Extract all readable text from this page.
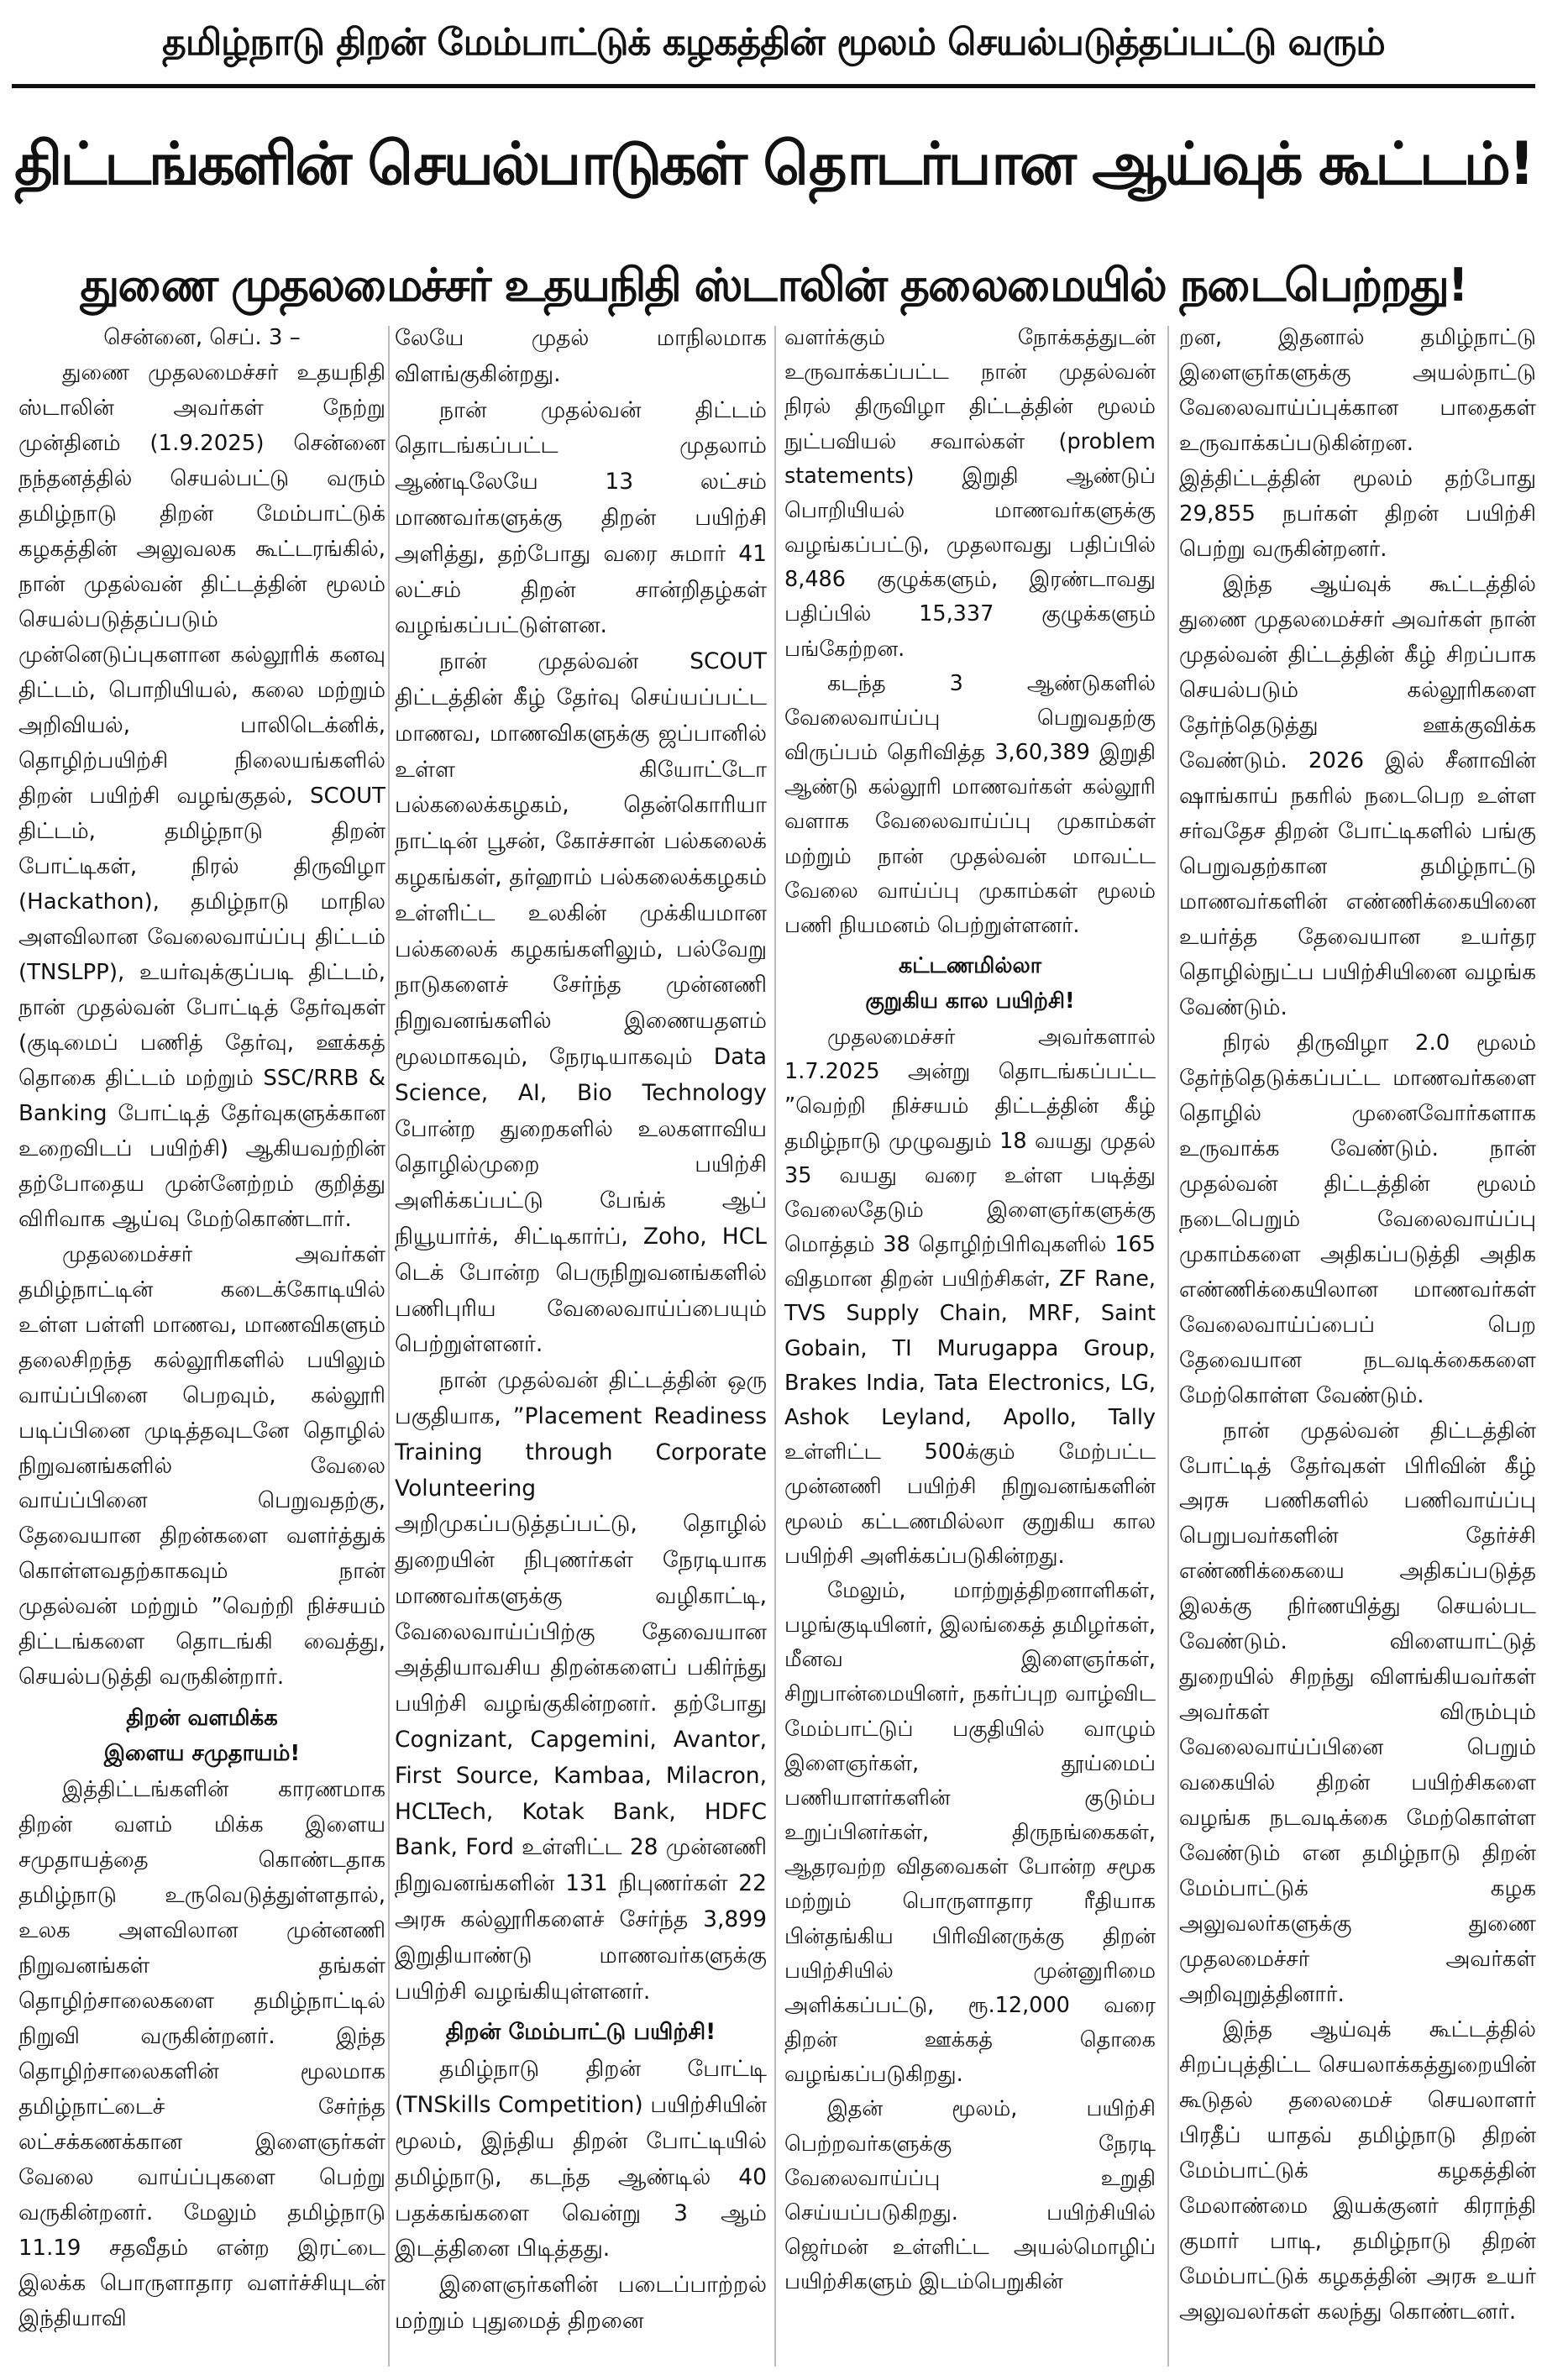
தமிழ்நாடு திறன் மேம்பாட்டுக் கழகத்தின் மூலம் செயல்படுத்தப்பட்டு வரும்
திட்டங்களின் செயல்பாடுகள் தொடர்பான ஆய்வுக் கூட்டம்!
துணை முதலமைச்சர் உதயநிதி ஸ்டாலின் தலைமையில் நடைபெற்றது!

சென்னை, செப். 3 –

துணை முதலமைச்சர் உதயநிதி ஸ்டாலின் அவர்கள் நேற்று முன்தினம் (1.9.2025) சென்னை நந்தனத்தில் செயல்பட்டு வரும் தமிழ்நாடு திறன் மேம்பாட்டுக் கழகத்தின் அலுவலக கூட்டரங்கில், நான் முதல்வன் திட்டத்தின் மூலம் செயல்படுத்தப்படும் முன்னெடுப்புகளான கல்லூரிக் கனவு திட்டம், பொறியியல், கலை மற்றும் அறிவியல், பாலிடெக்னிக், தொழிற்பயிற்சி நிலையங்களில் திறன் பயிற்சி வழங்குதல், SCOUT திட்டம், தமிழ்நாடு திறன் போட்டிகள், நிரல் திருவிழா (Hackathon), தமிழ்நாடு மாநில அளவிலான வேலைவாய்ப்பு திட்டம் (TNSLPP), உயர்வுக்குப்படி திட்டம், நான் முதல்வன் போட்டித் தேர்வுகள் (குடிமைப் பணித் தேர்வு, ஊக்கத் தொகை திட்டம் மற்றும் SSC/RRB & Banking போட்டித் தேர்வுகளுக்கான உறைவிடப் பயிற்சி) ஆகியவற்றின் தற்போதைய முன்னேற்றம் குறித்து விரிவாக ஆய்வு மேற்கொண்டார்.

முதலமைச்சர் அவர்கள் தமிழ்நாட்டின் கடைக்கோடியில் உள்ள பள்ளி மாணவ, மாணவிகளும் தலைசிறந்த கல்லூரிகளில் பயிலும் வாய்ப்பினை பெறவும், கல்லூரி படிப்பினை முடித்தவுடனே தொழில் நிறுவனங்களில் வேலை வாய்ப்பினை பெறுவதற்கு, தேவையான திறன்களை வளர்த்துக் கொள்ளவதற்காகவும் நான் முதல்வன் மற்றும் ”வெற்றி நிச்சயம் திட்டங்களை தொடங்கி வைத்து, செயல்படுத்தி வருகின்றார்.

திறன் வளமிக்க
இளைய சமுதாயம்!

இத்திட்டங்களின் காரணமாக திறன் வளம் மிக்க இளைய சமுதாயத்தை கொண்டதாக தமிழ்நாடு உருவெடுத்துள்ளதால், உலக அளவிலான முன்னணி நிறுவனங்கள் தங்கள் தொழிற்சாலைகளை தமிழ்நாட்டில் நிறுவி வருகின்றனர். இந்த தொழிற்சாலைகளின் மூலமாக தமிழ்நாட்டைச் சேர்ந்த லட்சக்கணக்கான இளைஞர்கள் வேலை வாய்ப்புகளை பெற்று வருகின்றனர். மேலும் தமிழ்நாடு 11.19 சதவீதம் என்ற இரட்டை இலக்க பொருளாதார வளர்ச்சியுடன் இந்தியாவி

லேயே முதல் மாநிலமாக விளங்குகின்றது.

நான் முதல்வன் திட்டம் தொடங்கப்பட்ட முதலாம் ஆண்டிலேயே 13 லட்சம் மாணவர்களுக்கு திறன் பயிற்சி அளித்து, தற்போது வரை சுமார் 41 லட்சம் திறன் சான்றிதழ்கள் வழங்கப்பட்டுள்ளன.

நான் முதல்வன் SCOUT திட்டத்தின் கீழ் தேர்வு செய்யப்பட்ட மாணவ, மாணவிகளுக்கு ஜப்பானில் உள்ள கியோட்டோ பல்கலைக்கழகம், தென்கொரியா நாட்டின் பூசன், கோச்சான் பல்கலைக் கழகங்கள், தர்ஹாம் பல்கலைக்கழகம் உள்ளிட்ட உலகின் முக்கியமான பல்கலைக் கழகங்களிலும், பல்வேறு நாடுகளைச் சேர்ந்த முன்னணி நிறுவனங்களில் இணையதளம் மூலமாகவும், நேரடியாகவும் Data Science, AI, Bio Technology போன்ற துறைகளில் உலகளாவிய தொழில்முறை பயிற்சி அளிக்கப்பட்டு பேங்க் ஆப் நியூயார்க், சிட்டிகார்ப், Zoho, HCL டெக் போன்ற பெருநிறுவனங்களில் பணிபுரிய வேலைவாய்ப்பையும் பெற்றுள்ளனர்.

நான் முதல்வன் திட்டத்தின் ஒரு பகுதியாக, ”Placement Readiness Training through Corporate Volunteering அறிமுகப்படுத்தப்பட்டு, தொழில் துறையின் நிபுணர்கள் நேரடியாக மாணவர்களுக்கு வழிகாட்டி, வேலைவாய்ப்பிற்கு தேவையான அத்தியாவசிய திறன்களைப் பகிர்ந்து பயிற்சி வழங்குகின்றனர். தற்போது Cognizant, Capgemini, Avantor, First Source, Kambaa, Milacron, HCLTech, Kotak Bank, HDFC Bank, Ford உள்ளிட்ட 28 முன்னணி நிறுவனங்களின் 131 நிபுணர்கள் 22 அரசு கல்லூரிகளைச் சேர்ந்த 3,899 இறுதியாண்டு மாணவர்களுக்கு பயிற்சி வழங்கியுள்ளனர்.

திறன் மேம்பாட்டு பயிற்சி!

தமிழ்நாடு திறன் போட்டி (TNSkills Competition) பயிற்சியின் மூலம், இந்திய திறன் போட்டியில் தமிழ்நாடு, கடந்த ஆண்டில் 40 பதக்கங்களை வென்று 3 ஆம் இடத்தினை பிடித்தது.

இளைஞர்களின் படைப்பாற்றல் மற்றும் புதுமைத் திறனை

வளர்க்கும் நோக்கத்துடன் உருவாக்கப்பட்ட நான் முதல்வன் நிரல் திருவிழா திட்டத்தின் மூலம் நுட்பவியல் சவால்கள் (problem statements) இறுதி ஆண்டுப் பொறியியல் மாணவர்களுக்கு வழங்கப்பட்டு, முதலாவது பதிப்பில் 8,486 குழுக்களும், இரண்டாவது பதிப்பில் 15,337 குழுக்களும் பங்கேற்றன.

கடந்த 3 ஆண்டுகளில் வேலைவாய்ப்பு பெறுவதற்கு விருப்பம் தெரிவித்த 3,60,389 இறுதி ஆண்டு கல்லூரி மாணவர்கள் கல்லூரி வளாக வேலைவாய்ப்பு முகாம்கள் மற்றும் நான் முதல்வன் மாவட்ட வேலை வாய்ப்பு முகாம்கள் மூலம் பணி நியமனம் பெற்றுள்ளனர்.

கட்டணமில்லா
குறுகிய கால பயிற்சி!

முதலமைச்சர் அவர்களால் 1.7.2025 அன்று தொடங்கப்பட்ட ”வெற்றி நிச்சயம் திட்டத்தின் கீழ் தமிழ்நாடு முழுவதும் 18 வயது முதல் 35 வயது வரை உள்ள படித்து வேலைதேடும் இளைஞர்களுக்கு மொத்தம் 38 தொழிற்பிரிவுகளில் 165 விதமான திறன் பயிற்சிகள், ZF Rane, TVS Supply Chain, MRF, Saint Gobain, TI Murugappa Group, Brakes India, Tata Electronics, LG, Ashok Leyland, Apollo, Tally உள்ளிட்ட 500க்கும் மேற்பட்ட முன்னணி பயிற்சி நிறுவனங்களின் மூலம் கட்டணமில்லா குறுகிய கால பயிற்சி அளிக்கப்படுகின்றது.

மேலும், மாற்றுத்திறனாளிகள், பழங்குடியினர், இலங்கைத் தமிழர்கள், மீனவ இளைஞர்கள், சிறுபான்மையினர், நகர்ப்புற வாழ்விட மேம்பாட்டுப் பகுதியில் வாழும் இளைஞர்கள், தூய்மைப் பணியாளர்களின் குடும்ப உறுப்பினர்கள், திருநங்கைகள், ஆதரவற்ற விதவைகள் போன்ற சமூக மற்றும் பொருளாதார ரீதியாக பின்தங்கிய பிரிவினருக்கு திறன் பயிற்சியில் முன்னுரிமை அளிக்கப்பட்டு, ரூ.12,000 வரை திறன் ஊக்கத் தொகை வழங்கப்படுகிறது.

இதன் மூலம், பயிற்சி பெற்றவர்களுக்கு நேரடி வேலைவாய்ப்பு உறுதி செய்யப்படுகிறது. பயிற்சியில் ஜெர்மன் உள்ளிட்ட அயல்மொழிப் பயிற்சிகளும் இடம்பெறுகின்

றன, இதனால் தமிழ்நாட்டு இளைஞர்களுக்கு அயல்நாட்டு வேலைவாய்ப்புக்கான பாதைகள் உருவாக்கப்படுகின்றன. இத்திட்டத்தின் மூலம் தற்போது 29,855 நபர்கள் திறன் பயிற்சி பெற்று வருகின்றனர்.

இந்த ஆய்வுக் கூட்டத்தில் துணை முதலமைச்சர் அவர்கள் நான் முதல்வன் திட்டத்தின் கீழ் சிறப்பாக செயல்படும் கல்லூரிகளை தேர்ந்தெடுத்து ஊக்குவிக்க வேண்டும். 2026 இல் சீனாவின் ஷாங்காய் நகரில் நடைபெற உள்ள சர்வதேச திறன் போட்டிகளில் பங்கு பெறுவதற்கான தமிழ்நாட்டு மாணவர்களின் எண்ணிக்கையினை உயர்த்த தேவையான உயர்தர தொழில்நுட்ப பயிற்சியினை வழங்க வேண்டும்.

நிரல் திருவிழா 2.0 மூலம் தேர்ந்தெடுக்கப்பட்ட மாணவர்களை தொழில் முனைவோர்களாக உருவாக்க வேண்டும். நான் முதல்வன் திட்டத்தின் மூலம் நடைபெறும் வேலைவாய்ப்பு முகாம்களை அதிகப்படுத்தி அதிக எண்ணிக்கையிலான மாணவர்கள் வேலைவாய்ப்பைப் பெற தேவையான நடவடிக்கைகளை மேற்கொள்ள வேண்டும்.

நான் முதல்வன் திட்டத்தின் போட்டித் தேர்வுகள் பிரிவின் கீழ் அரசு பணிகளில் பணிவாய்ப்பு பெறுபவர்களின் தேர்ச்சி எண்ணிக்கையை அதிகப்படுத்த இலக்கு நிர்ணயித்து செயல்பட வேண்டும். விளையாட்டுத் துறையில் சிறந்து விளங்கியவர்கள் அவர்கள் விரும்பும் வேலைவாய்ப்பினை பெறும் வகையில் திறன் பயிற்சிகளை வழங்க நடவடிக்கை மேற்கொள்ள வேண்டும் என தமிழ்நாடு திறன் மேம்பாட்டுக் கழக அலுவலர்களுக்கு துணை முதலமைச்சர் அவர்கள் அறிவுறுத்தினார்.

இந்த ஆய்வுக் கூட்டத்தில் சிறப்புத்திட்ட செயலாக்கத்துறையின் கூடுதல் தலைமைச் செயலாளர் பிரதீப் யாதவ் தமிழ்நாடு திறன் மேம்பாட்டுக் கழகத்தின் மேலாண்மை இயக்குனர் கிராந்தி குமார் பாடி, தமிழ்நாடு திறன் மேம்பாட்டுக் கழகத்தின் அரசு உயர் அலுவலர்கள் கலந்து கொண்டனர்.
